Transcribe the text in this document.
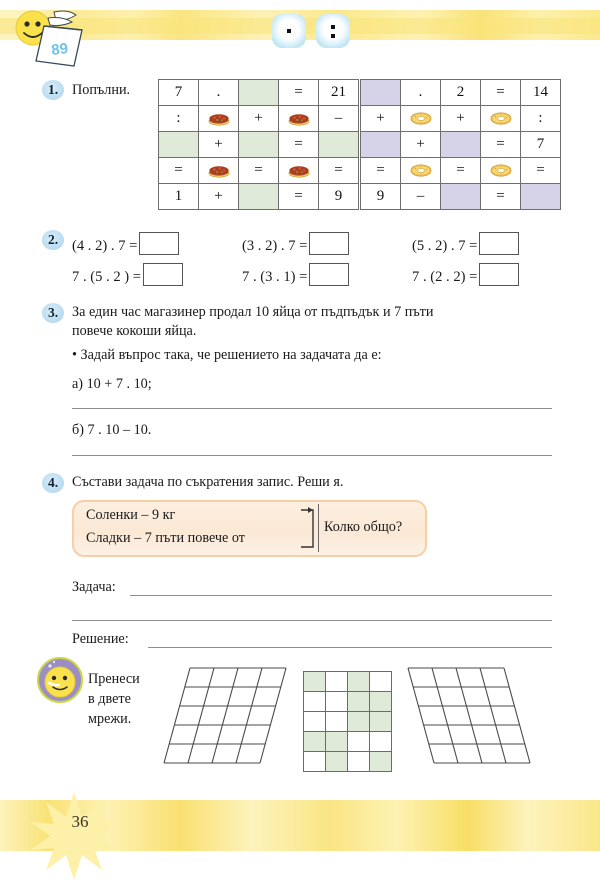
89
1. Попълни.	7	.		=	21
:		+		–
	+		=	
=		=		=
1	+		=	9
	.	2	=	14
+		+		:
	+		=	7
=		=		=
9	–		=	
2. (4 . 2) . 7 =	(3 . 2) . 7 =	(5 . 2) . 7 =
7 . (5 . 2 ) =	7 . (3 . 1) =	7 . (2 . 2) =
3. За един час магазинер продал 10 яйца от пъдпъдък и 7 пъти
повече кокоши яйца.
• Задай въпрос така, че решението на задачата да е:
а) 10 + 7 . 10;
б) 7 . 10 – 10.
4. Състави задача по съкратения запис. Реши я.
Соленки – 9 кг
Сладки – 7 пъти повече от
Колко общо?
Задача:
Решение:
Пренеси
в двете
мрежи.

36
